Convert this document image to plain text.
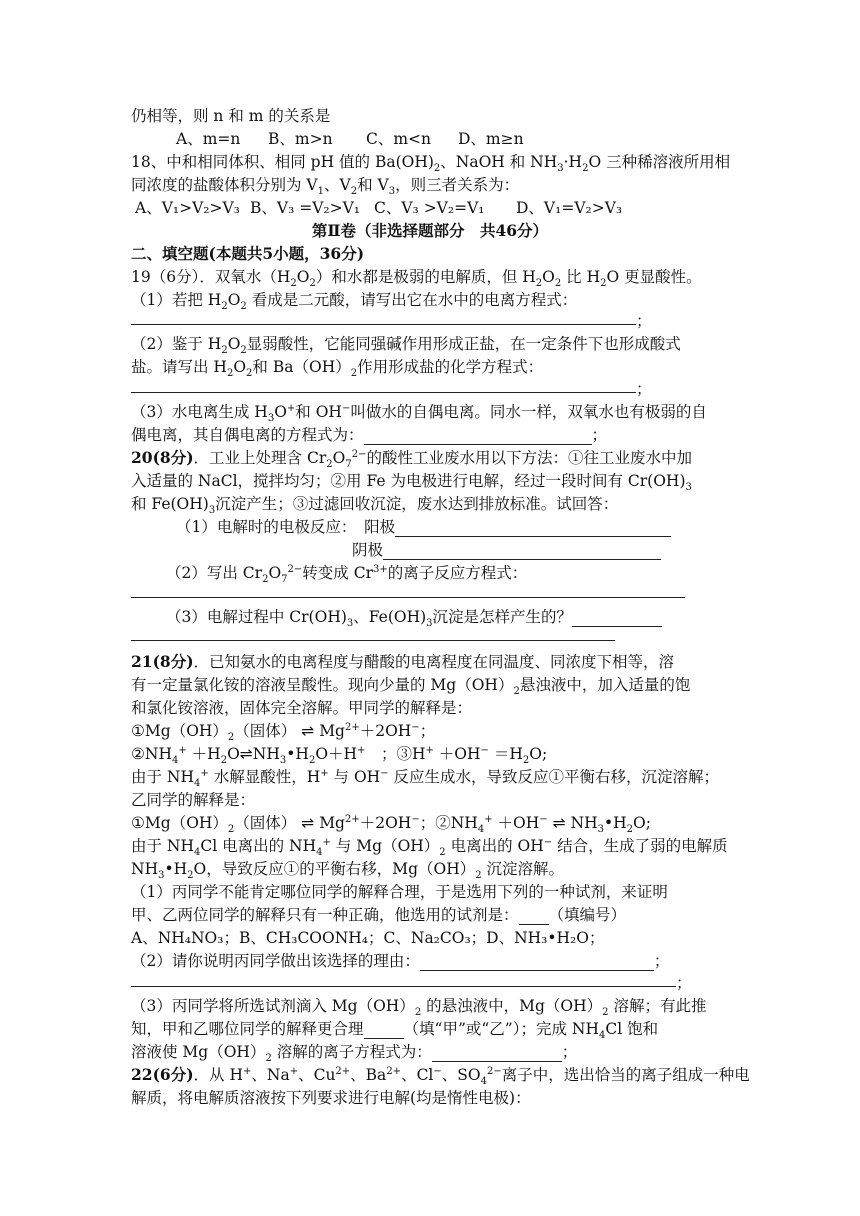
仍相等，则 n 和 m 的关系是
A、m=n B、m>n C、m<n D、m≥n
18、中和相同体积、相同 pH 值的 $Ba(OH)_2$、NaOH 和 $NH_3\cdot H_2O$ 三种稀溶液所用相
同浓度的盐酸体积分别为 $V_1$、$V_2$和 $V_3$，则三者关系为：
A、V₁>V₂>V₃ B、V₃ =V₂>V₁ C、V₃ >V₂=V₁ D、V₁=V₂>V₃
第Ⅱ卷（非选择题部分　共46分）
二、填空题(本题共5小题，36分)
19（6分）．双氧水$(H_2O_2)$和水都是极弱的电解质，但 $H_2O_2$ 比 $H_2O$ 更显酸性。
（1）若把 $H_2O_2$ 看成是二元酸，请写出它在水中的电离方程式：
；
（2）鉴于 $H_2O_2$显弱酸性，它能同强碱作用形成正盐，在一定条件下也形成酸式
盐。请写出 $H_2O_2$和 $Ba(OH)_2$作用形成盐的化学方程式：
；
（3）水电离生成 $H_3O^+$和 OH−叫做水的自偶电离。同水一样，双氧水也有极弱的自
偶电离，其自偶电离的方程式为：	；
20(8分)．工业上处理含 $Cr_2O_7^{2-}$的酸性工业废水用以下方法：①往工业废水中加
入适量的 NaCl，搅拌均匀；②用 Fe 为电极进行电解，经过一段时间有 $Cr(OH)_3$
和 $Fe(OH)_3$沉淀产生；③过滤回收沉淀，废水达到排放标准。试回答：
（1）电解时的电极反应：　阳极
阴极
（2）写出 $Cr_2O_7^{2-}$转变成 $Cr^{3+}$的离子反应方程式：
（3）电解过程中 $Cr(OH)_3$、$Fe(OH)_3$沉淀是怎样产生的？
21(8分)．已知氨水的电离程度与醋酸的电离程度在同温度、同浓度下相等，溶
有一定量氯化铵的溶液呈酸性。现向少量的 $Mg(OH)_2$悬浊液中，加入适量的饱
和氯化铵溶液，固体完全溶解。甲同学的解释是：
$①Mg(OH)_2$（固体） ⇌ $Mg^{2+}+2OH^-$；
$②NH_4^+$ $+H_2O\rightleftharpoons NH_3•H_2O+H^+$　；③H+ $+OH^- =H_2O$;
由于 $NH_4^+$ 水解显酸性，H+ 与 OH− 反应生成水，导致反应①平衡右移，沉淀溶解；
乙同学的解释是：
$①Mg(OH)_2$（固体） ⇌ $Mg^{2+}+2OH^-$；$②NH_4^+ +OH^-$ ⇌ $NH_3•H_2O$;
由于 $NH_4Cl$ 电离出的 $NH_4^+$ 与 $Mg(OH)_2$ 电离出的 OH− 结合，生成了弱的电解质
$NH_3•H_2O$，导致反应①的平衡右移，$Mg(OH)_2$ 沉淀溶解。
（1）丙同学不能肯定哪位同学的解释合理，于是选用下列的一种试剂，来证明
甲、乙两位同学的解释只有一种正确，他选用的试剂是： （填编号）
A、NH₄NO₃；B、CH₃COONH₄；C、Na₂CO₃；D、NH₃•H₂O；
（2）请你说明丙同学做出该选择的理由：	；
；
（3）丙同学将所选试剂滴入 $Mg(OH)_2$ 的悬浊液中，$Mg(OH)_2$ 溶解；有此推
知，甲和乙哪位同学的解释更合理	（填“甲”或“乙”）；完成 $NH_4Cl$ 饱和
溶液使 $Mg(OH)_2$ 溶解的离子方程式为：	；
22(6分)．从 H+、Na+、$Cu^{2+}$、$Ba^{2+}$、Cl−、$SO_4^{2-}$离子中，选出恰当的离子组成一种电
解质，将电解质溶液按下列要求进行电解(均是惰性电极)：
